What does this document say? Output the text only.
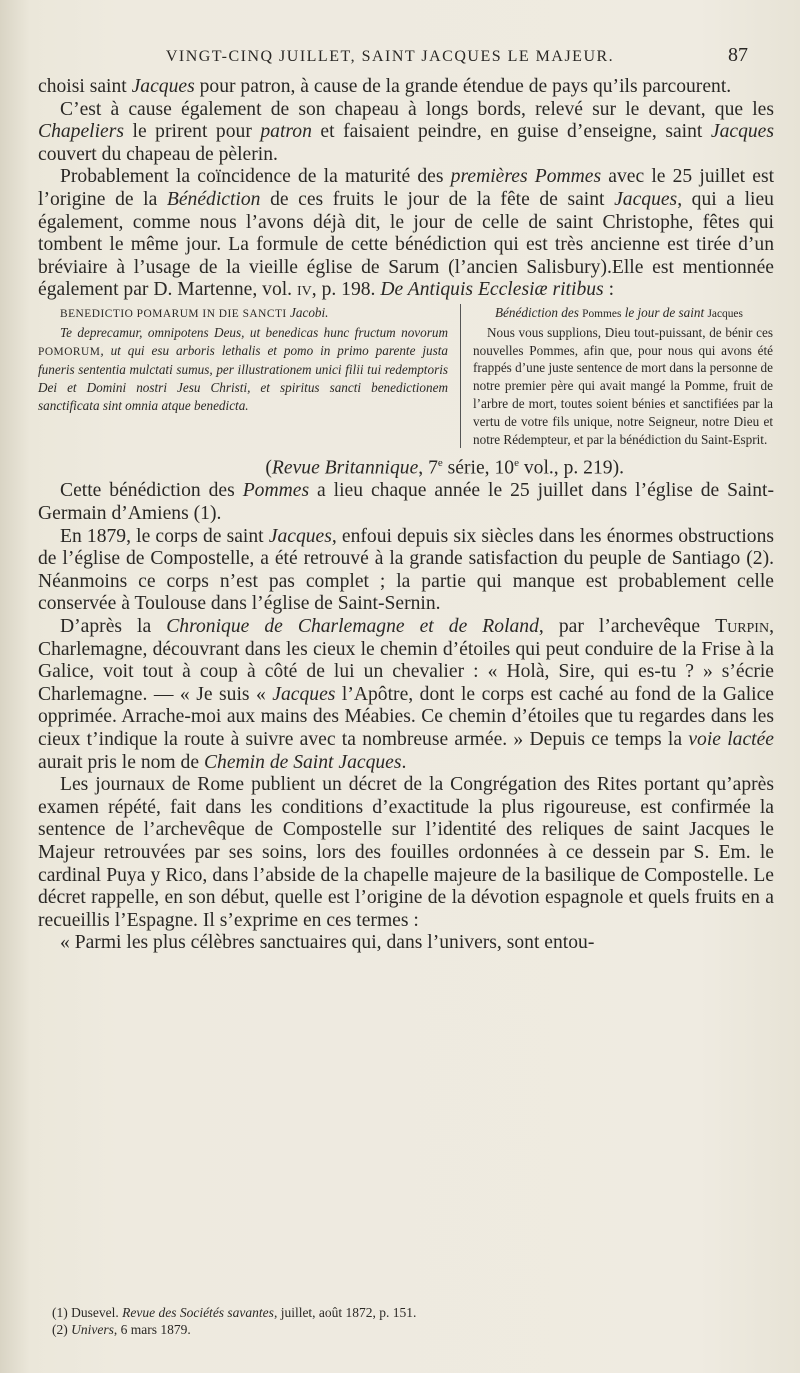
VINGT-CINQ JUILLET, SAINT JACQUES LE MAJEUR.	87

choisi saint Jacques pour patron, à cause de la grande étendue de pays qu’ils parcourent.

C’est à cause également de son chapeau à longs bords, relevé sur le devant, que les Chapeliers le prirent pour patron et faisaient peindre, en guise d’enseigne, saint Jacques couvert du chapeau de pèlerin.

Probablement la coïncidence de la maturité des premières Pommes avec le 25 juillet est l’origine de la Bénédiction de ces fruits le jour de la fête de saint Jacques, qui a lieu également, comme nous l’avons déjà dit, le jour de celle de saint Christophe, fêtes qui tombent le même jour. La formule de cette bénédiction qui est très ancienne est tirée d’un bréviaire à l’usage de la vieille église de Sarum (l’ancien Salisbury).Elle est mentionnée également par D. Martenne, vol. iv, p. 198. De Antiquis Ecclesiæ ritibus :

BENEDICTIO POMARUM IN DIE SANCTI Jacobi.

Te deprecamur, omnipotens Deus, ut benedicas hunc fructum novorum POMORUM, ut qui esu arboris lethalis et pomo in primo parente justa funeris sententia mulctati sumus, per illustrationem unici filii tui redemptoris Dei et Domini nostri Jesu Christi, et spiritus sancti benedictionem sanctificata sint omnia atque benedicta.

Bénédiction des Pommes le jour de saint Jacques

Nous vous supplions, Dieu tout-puissant, de bénir ces nouvelles Pommes, afin que, pour nous qui avons été frappés d’une juste sentence de mort dans la personne de notre premier père qui avait mangé la Pomme, fruit de l’arbre de mort, toutes soient bénies et sanctifiées par la vertu de votre fils unique, notre Seigneur, notre Dieu et notre Rédempteur, et par la bénédiction du Saint-Esprit.

(Revue Britannique, 7e série, 10e vol., p. 219).

Cette bénédiction des Pommes a lieu chaque année le 25 juillet dans l’église de Saint-Germain d’Amiens (1).

En 1879, le corps de saint Jacques, enfoui depuis six siècles dans les énormes obstructions de l’église de Compostelle, a été retrouvé à la grande satisfaction du peuple de Santiago (2). Néanmoins ce corps n’est pas complet ; la partie qui manque est probablement celle conservée à Toulouse dans l’église de Saint-Sernin.

D’après la Chronique de Charlemagne et de Roland, par l’archevêque Turpin, Charlemagne, découvrant dans les cieux le chemin d’étoiles qui peut conduire de la Frise à la Galice, voit tout à coup à côté de lui un chevalier : « Holà, Sire, qui es-tu ? » s’écrie Charlemagne. — « Je suis « Jacques l’Apôtre, dont le corps est caché au fond de la Galice opprimée. Arrache-moi aux mains des Méabies. Ce chemin d’étoiles que tu regardes dans les cieux t’indique la route à suivre avec ta nombreuse armée. » Depuis ce temps la voie lactée aurait pris le nom de Chemin de Saint Jacques.

Les journaux de Rome publient un décret de la Congrégation des Rites portant qu’après examen répété, fait dans les conditions d’exactitude la plus rigoureuse, est confirmée la sentence de l’archevêque de Compostelle sur l’identité des reliques de saint Jacques le Majeur retrouvées par ses soins, lors des fouilles ordonnées à ce dessein par S. Em. le cardinal Puya y Rico, dans l’abside de la chapelle majeure de la basilique de Compostelle. Le décret rappelle, en son début, quelle est l’origine de la dévotion espagnole et quels fruits en a recueillis l’Espagne. Il s’exprime en ces termes :

« Parmi les plus célèbres sanctuaires qui, dans l’univers, sont entou-

(1) Dusevel. Revue des Sociétés savantes, juillet, août 1872, p. 151.

(2) Univers, 6 mars 1879.
